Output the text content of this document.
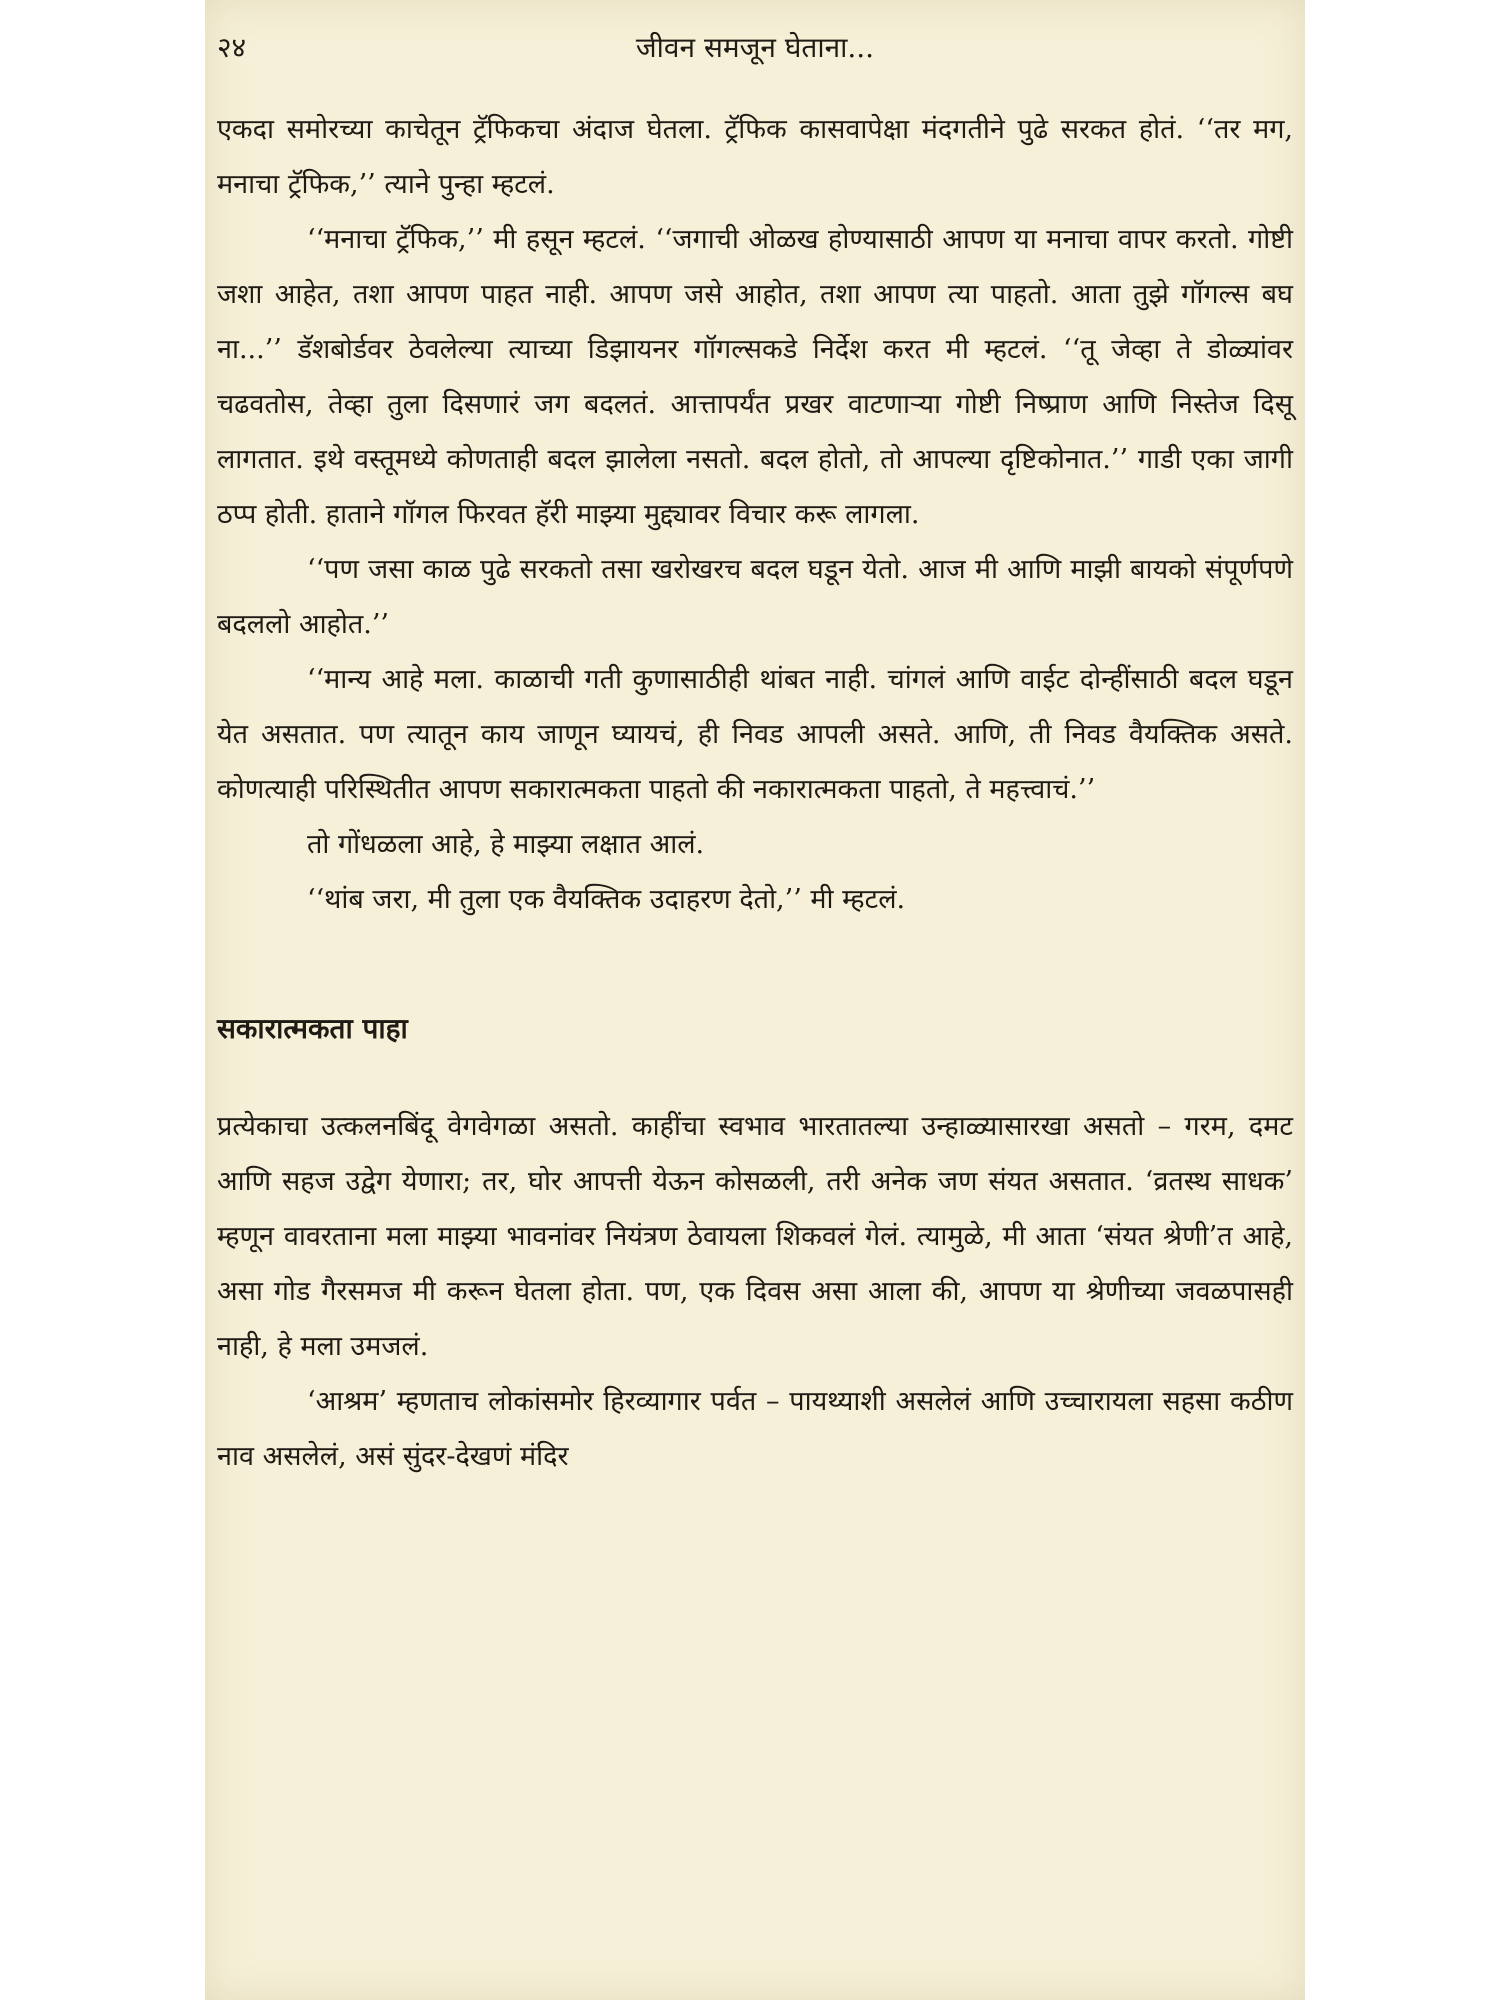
२४	जीवन समजून घेताना...

एकदा समोरच्या काचेतून ट्रॅफिकचा अंदाज घेतला. ट्रॅफिक कासवापेक्षा मंदगतीने पुढे सरकत होतं. ‘‘तर मग, मनाचा ट्रॅफिक,’’ त्याने पुन्हा म्हटलं.

‘‘मनाचा ट्रॅफिक,’’ मी हसून म्हटलं. ‘‘जगाची ओळख होण्यासाठी आपण या मनाचा वापर करतो. गोष्टी जशा आहेत, तशा आपण पाहत नाही. आपण जसे आहोत, तशा आपण त्या पाहतो. आता तुझे गॉगल्स बघ ना...’’ डॅशबोर्डवर ठेवलेल्या त्याच्या डिझायनर गॉगल्सकडे निर्देश करत मी म्हटलं. ‘‘तू जेव्हा ते डोळ्यांवर चढवतोस, तेव्हा तुला दिसणारं जग बदलतं. आत्तापर्यंत प्रखर वाटणाऱ्या गोष्टी निष्प्राण आणि निस्तेज दिसू लागतात. इथे वस्तूमध्ये कोणताही बदल झालेला नसतो. बदल होतो, तो आपल्या दृष्टिकोनात.’’ गाडी एका जागी ठप्प होती. हाताने गॉगल फिरवत हॅरी माझ्या मुद्द्यावर विचार करू लागला.

‘‘पण जसा काळ पुढे सरकतो तसा खरोखरच बदल घडून येतो. आज मी आणि माझी बायको संपूर्णपणे बदललो आहोत.’’

‘‘मान्य आहे मला. काळाची गती कुणासाठीही थांबत नाही. चांगलं आणि वाईट दोन्हींसाठी बदल घडून येत असतात. पण त्यातून काय जाणून घ्यायचं, ही निवड आपली असते. आणि, ती निवड वैयक्तिक असते. कोणत्याही परिस्थितीत आपण सकारात्मकता पाहतो की नकारात्मकता पाहतो, ते महत्त्वाचं.’’

तो गोंधळला आहे, हे माझ्या लक्षात आलं.

‘‘थांब जरा, मी तुला एक वैयक्तिक उदाहरण देतो,’’ मी म्हटलं.

सकारात्मकता पाहा

प्रत्येकाचा उत्कलनबिंदू वेगवेगळा असतो. काहींचा स्वभाव भारतातल्या उन्हाळ्यासारखा असतो – गरम, दमट आणि सहज उद्वेग येणारा; तर, घोर आपत्ती येऊन कोसळली, तरी अनेक जण संयत असतात. ‘व्रतस्थ साधक’ म्हणून वावरताना मला माझ्या भावनांवर नियंत्रण ठेवायला शिकवलं गेलं. त्यामुळे, मी आता ‘संयत श्रेणी’त आहे, असा गोड गैरसमज मी करून घेतला होता. पण, एक दिवस असा आला की, आपण या श्रेणीच्या जवळपासही नाही, हे मला उमजलं.

‘आश्रम’ म्हणताच लोकांसमोर हिरव्यागार पर्वत – पायथ्याशी असलेलं आणि उच्चारायला सहसा कठीण नाव असलेलं, असं सुंदर-देखणं मंदिर
